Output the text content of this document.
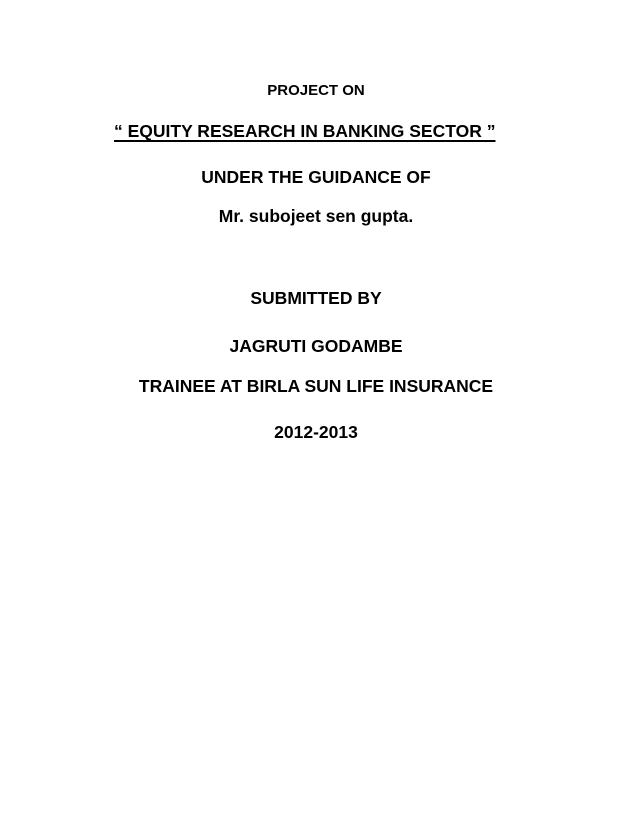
PROJECT ON
“ EQUITY RESEARCH IN BANKING SECTOR ”
UNDER THE GUIDANCE OF
Mr. subojeet sen gupta.
SUBMITTED BY
JAGRUTI GODAMBE
TRAINEE AT BIRLA SUN LIFE INSURANCE
2012-2013
